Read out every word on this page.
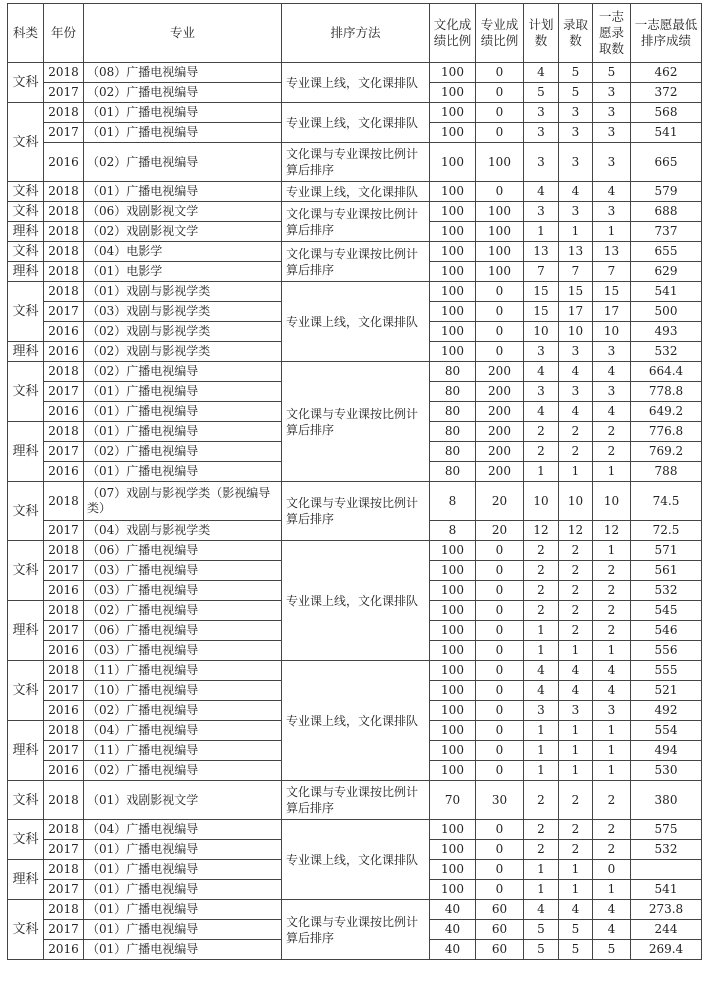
科类	年份	专业	排序方法	文化成绩比例	专业成绩比例	计划数	录取数	一志愿录取数	一志愿最低排序成绩
文科	2018	（08）广播电视编导	专业课上线，文化课排队	100	0	4	5	5	462
	2017	（02）广播电视编导		100	0	5	5	3	372
文科	2018	（01）广播电视编导	专业课上线，文化课排队	100	0	3	3	3	568
	2017	（01）广播电视编导		100	0	3	3	3	541
	2016	（02）广播电视编导	文化课与专业课按比例计算后排序	100	100	3	3	3	665
文科	2018	（01）广播电视编导	专业课上线，文化课排队	100	0	4	4	4	579
文科	2018	（06）戏剧影视文学	文化课与专业课按比例计算后排序	100	100	3	3	3	688
理科	2018	（02）戏剧影视文学		100	100	1	1	1	737
文科	2018	（04）电影学	文化课与专业课按比例计算后排序	100	100	13	13	13	655
理科	2018	（01）电影学		100	100	7	7	7	629
文科	2018	（01）戏剧与影视学类	专业课上线，文化课排队	100	0	15	15	15	541
	2017	（03）戏剧与影视学类		100	0	15	17	17	500
	2016	（02）戏剧与影视学类		100	0	10	10	10	493
理科	2016	（02）戏剧与影视学类		100	0	3	3	3	532
文科	2018	（02）广播电视编导	文化课与专业课按比例计算后排序	80	200	4	4	4	664.4
	2017	（01）广播电视编导		80	200	3	3	3	778.8
	2016	（01）广播电视编导		80	200	4	4	4	649.2
理科	2018	（01）广播电视编导		80	200	2	2	2	776.8
	2017	（02）广播电视编导		80	200	2	2	2	769.2
	2016	（01）广播电视编导		80	200	1	1	1	788
文科	2018	（07）戏剧与影视学类（影视编导类）	文化课与专业课按比例计算后排序	8	20	10	10	10	74.5
	2017	（04）戏剧与影视学类		8	20	12	12	12	72.5
文科	2018	（06）广播电视编导	专业课上线，文化课排队	100	0	2	2	1	571
	2017	（03）广播电视编导		100	0	2	2	2	561
	2016	（03）广播电视编导		100	0	2	2	2	532
理科	2018	（02）广播电视编导		100	0	2	2	2	545
	2017	（06）广播电视编导		100	0	1	2	2	546
	2016	（03）广播电视编导		100	0	1	1	1	556
文科	2018	（11）广播电视编导	专业课上线，文化课排队	100	0	4	4	4	555
	2017	（10）广播电视编导		100	0	4	4	4	521
	2016	（02）广播电视编导		100	0	3	3	3	492
理科	2018	（04）广播电视编导		100	0	1	1	1	554
	2017	（11）广播电视编导		100	0	1	1	1	494
	2016	（02）广播电视编导		100	0	1	1	1	530
文科	2018	（01）戏剧影视文学	文化课与专业课按比例计算后排序	70	30	2	2	2	380
文科	2018	（04）广播电视编导	专业课上线，文化课排队	100	0	2	2	2	575
	2017	（01）广播电视编导		100	0	2	2	2	532
理科	2018	（01）广播电视编导		100	0	1	1	0	
	2017	（01）广播电视编导		100	0	1	1	1	541
文科	2018	（01）广播电视编导	文化课与专业课按比例计算后排序	40	60	4	4	4	273.8
	2017	（01）广播电视编导		40	60	5	5	4	244
	2016	（01）广播电视编导		40	60	5	5	5	269.4
